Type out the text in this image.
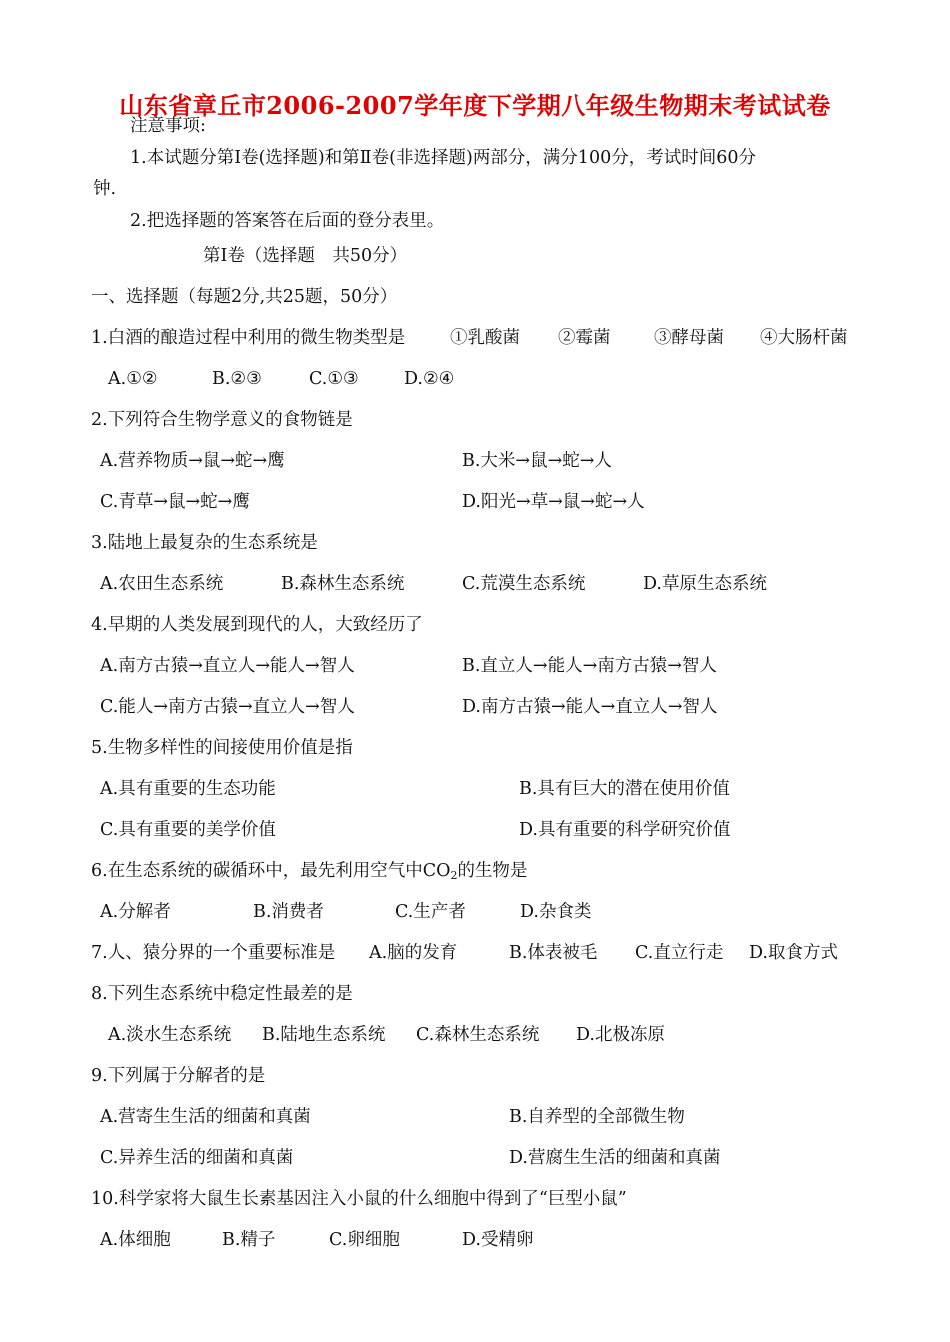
山东省章丘市2006-2007学年度下学期八年级生物期末考试试卷
注意事项:
1.本试题分第Ⅰ卷(选择题)和第Ⅱ卷(非选择题)两部分，满分100分，考试时间60分
钟.
2.把选择题的答案答在后面的登分表里。
第Ⅰ卷（选择题　共50分）
一、选择题（每题2分,共25题，50分）
1.白酒的酿造过程中利用的微生物类型是	①乳酸菌 ②霉菌 ③酵母菌 ④大肠杆菌
A.①②	B.②③	C.①③	D.②④
2.下列符合生物学意义的食物链是
A.营养物质→鼠→蛇→鹰	B.大米→鼠→蛇→人
C.青草→鼠→蛇→鹰	D.阳光→草→鼠→蛇→人
3.陆地上最复杂的生态系统是
A.农田生态系统	B.森林生态系统	C.荒漠生态系统	D.草原生态系统
4.早期的人类发展到现代的人，大致经历了
A.南方古猿→直立人→能人→智人	B.直立人→能人→南方古猿→智人
C.能人→南方古猿→直立人→智人	D.南方古猿→能人→直立人→智人
5.生物多样性的间接使用价值是指
A.具有重要的生态功能	B.具有巨大的潜在使用价值
C.具有重要的美学价值	D.具有重要的科学研究价值
6.在生态系统的碳循环中，最先利用空气中$CO_2$的生物是
A.分解者	B.消费者	C.生产者	D.杂食类
7.人、猿分界的一个重要标准是 A.脑的发育	B.体表被毛 C.直立行走 D.取食方式
8.下列生态系统中稳定性最差的是
A.淡水生态系统 B.陆地生态系统 C.森林生态系统 D.北极冻原
9.下列属于分解者的是
A.营寄生生活的细菌和真菌	B.自养型的全部微生物
C.异养生活的细菌和真菌	D.营腐生生活的细菌和真菌
10.科学家将大鼠生长素基因注入小鼠的什么细胞中得到了“巨型小鼠”
A.体细胞	B.精子	C.卵细胞	D.受精卵
